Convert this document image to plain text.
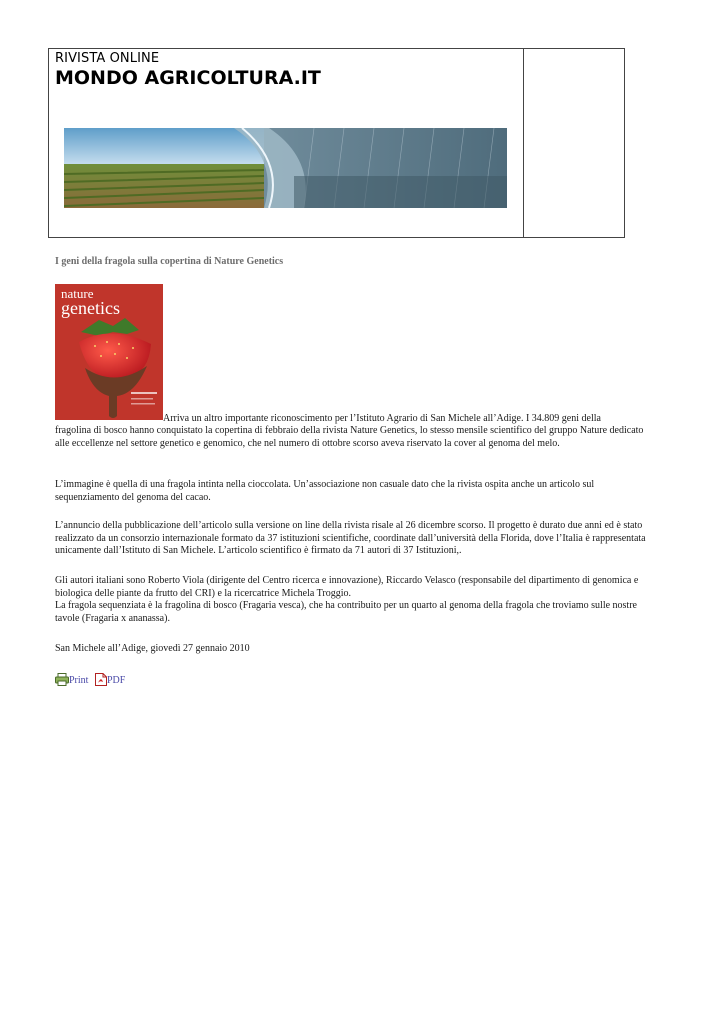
RIVISTA ONLINE
MONDO AGRICOLTURA.IT
I geni della fragola sulla copertina di Nature Genetics
nature
genetics
Arriva un altro importante riconoscimento per l’Istituto Agrario di San Michele all’Adige. I 34.809 geni della
fragolina di bosco hanno conquistato la copertina di febbraio della rivista Nature Genetics, lo stesso mensile scientifico del gruppo Nature dedicato alle eccellenze nel settore genetico e genomico, che nel numero di ottobre scorso aveva riservato la cover al genoma del melo.
L’immagine è quella di una fragola intinta nella cioccolata. Un’associazione non casuale dato che la rivista ospita anche un articolo sul sequenziamento del genoma del cacao.
L’annuncio della pubblicazione dell’articolo sulla versione on line della rivista risale al 26 dicembre scorso. Il progetto è durato due anni ed è stato realizzato da un consorzio internazionale formato da 37 istituzioni scientifiche, coordinate dall’università della Florida, dove l’Italia è rappresentata unicamente dall’Istituto di San Michele. L’articolo scientifico è firmato da 71 autori di 37 Istituzioni,.
Gli autori italiani sono Roberto Viola (dirigente del Centro ricerca e innovazione), Riccardo Velasco (responsabile del dipartimento di genomica e biologica delle piante da frutto del CRI) e la ricercatrice Michela Troggio.
La fragola sequenziata è la fragolina di bosco (Fragaria vesca), che ha contribuito per un quarto al genoma della fragola che troviamo sulle nostre tavole (Fragaria x ananassa).
San Michele all’Adige, giovedì 27 gennaio 2010
Print
PDF
